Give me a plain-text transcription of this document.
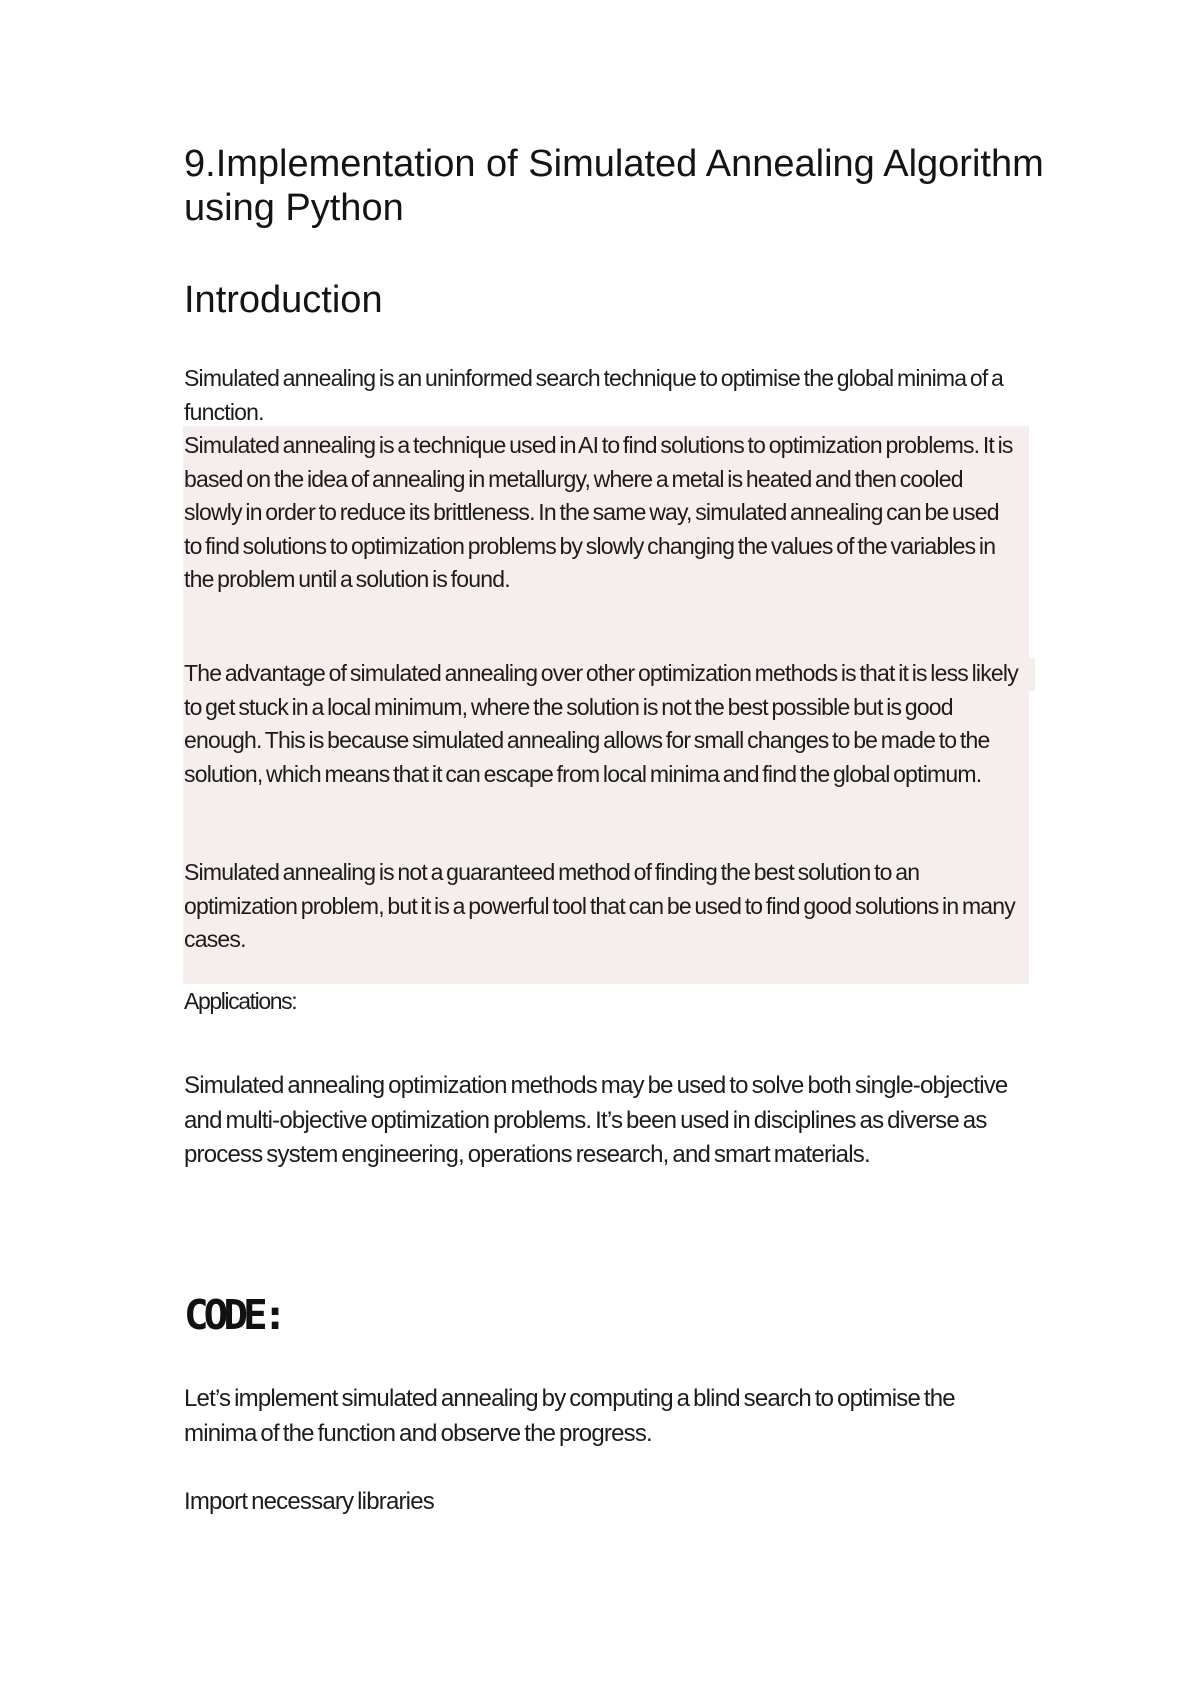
9.Implementation of Simulated Annealing Algorithm using Python
Introduction

Simulated annealing is an uninformed search technique to optimise the global minima of a function.

Simulated annealing is a technique used in AI to find solutions to optimization problems. It is based on the idea of annealing in metallurgy, where a metal is heated and then cooled slowly in order to reduce its brittleness. In the same way, simulated annealing can be used to find solutions to optimization problems by slowly changing the values of the variables in the problem until a solution is found.

The advantage of simulated annealing over other optimization methods is that it is less likely to get stuck in a local minimum, where the solution is not the best possible but is good enough. This is because simulated annealing allows for small changes to be made to the solution, which means that it can escape from local minima and find the global optimum.

Simulated annealing is not a guaranteed method of finding the best solution to an optimization problem, but it is a powerful tool that can be used to find good solutions in many cases.

Applications:

Simulated annealing optimization methods may be used to solve both single-objective and multi-objective optimization problems. It’s been used in disciplines as diverse as process system engineering, operations research, and smart materials.

CODE:

Let’s implement simulated annealing by computing a blind search to optimise the minima of the function and observe the progress.

Import necessary libraries
